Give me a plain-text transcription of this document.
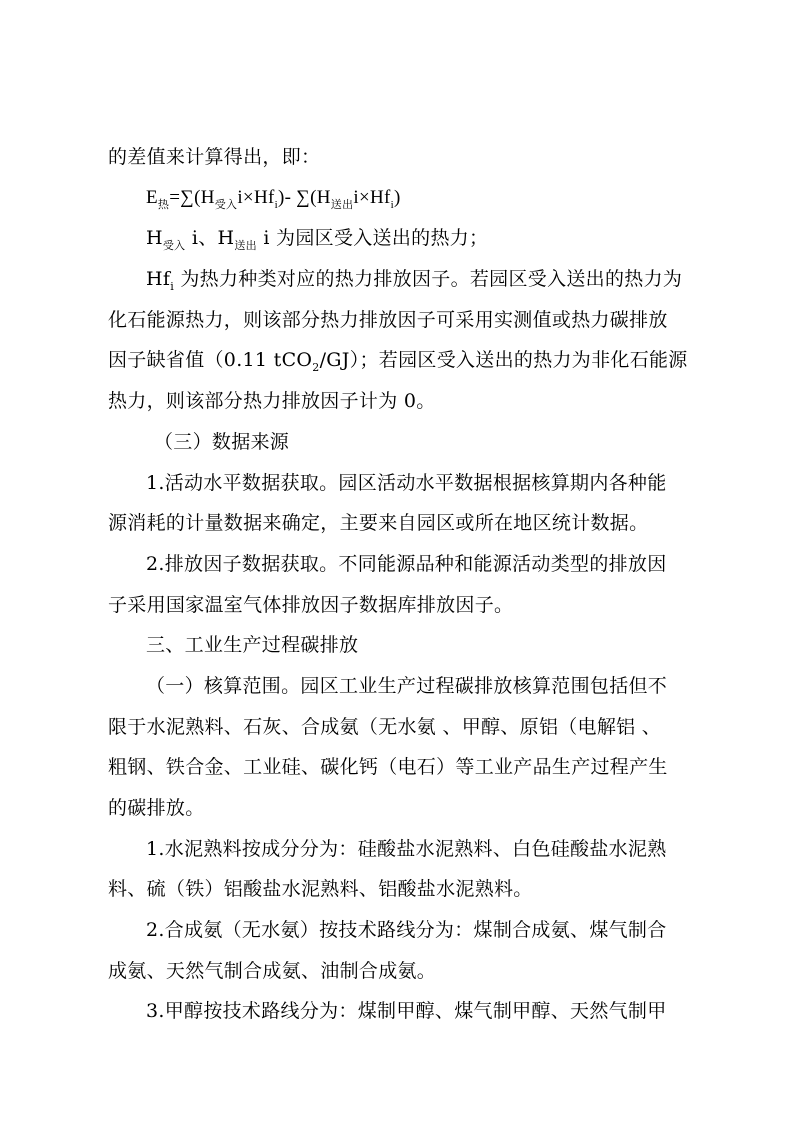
的差值来计算得出，即：
$E_热=\sum(H_{受入}i\times Hf_i)-$ $\sum(H_{送出}i\times Hf_i)$
$H_{受入}$ i、$H_{送出}$ i 为园区受入送出的热力；
$Hf_i$ 为热力种类对应的热力排放因子。若园区受入送出的热力为
化石能源热力，则该部分热力排放因子可采用实测值或热力碳排放
因子缺省值（0.11 tCO$_2$/GJ）；若园区受入送出的热力为非化石能源
热力，则该部分热力排放因子计为 0。
（三）数据来源
1.活动水平数据获取。园区活动水平数据根据核算期内各种能
源消耗的计量数据来确定，主要来自园区或所在地区统计数据。
2.排放因子数据获取。不同能源品种和能源活动类型的排放因
子采用国家温室气体排放因子数据库排放因子。
三、工业生产过程碳排放
（一）核算范围。园区工业生产过程碳排放核算范围包括但不
限于水泥熟料、石灰、合成氨（无水氨 、甲醇、原铝（电解铝 、
粗钢、铁合金、工业硅、碳化钙（电石）等工业产品生产过程产生
的碳排放。
1.水泥熟料按成分分为：硅酸盐水泥熟料、白色硅酸盐水泥熟
料、硫（铁）铝酸盐水泥熟料、铝酸盐水泥熟料。
2.合成氨（无水氨）按技术路线分为：煤制合成氨、煤气制合
成氨、天然气制合成氨、油制合成氨。
3.甲醇按技术路线分为：煤制甲醇、煤气制甲醇、天然气制甲
